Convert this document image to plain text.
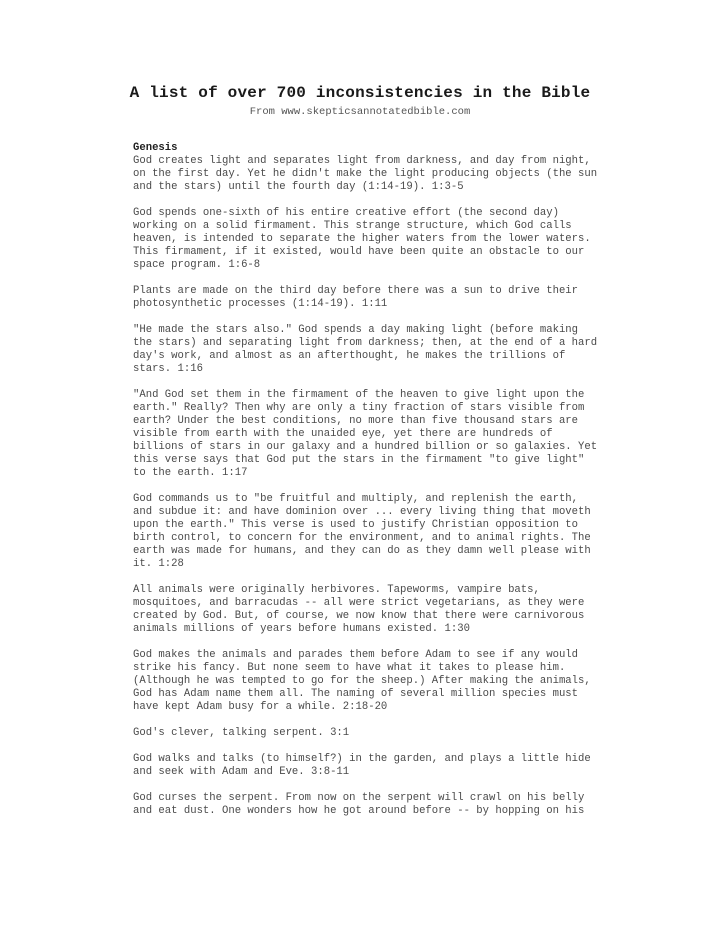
A list of over 700 inconsistencies in the Bible
From www.skepticsannotatedbible.com

Genesis

God creates light and separates light from darkness, and day from night, on the first day. Yet he didn't make the light producing objects (the sun and the stars) until the fourth day (1:14-19). 1:3-5

God spends one-sixth of his entire creative effort (the second day) working on a solid firmament. This strange structure, which God calls heaven, is intended to separate the higher waters from the lower waters. This firmament, if it existed, would have been quite an obstacle to our space program. 1:6-8

Plants are made on the third day before there was a sun to drive their photosynthetic processes (1:14-19). 1:11

"He made the stars also." God spends a day making light (before making the stars) and separating light from darkness; then, at the end of a hard day's work, and almost as an afterthought, he makes the trillions of stars. 1:16

"And God set them in the firmament of the heaven to give light upon the earth." Really? Then why are only a tiny fraction of stars visible from earth? Under the best conditions, no more than five thousand stars are visible from earth with the unaided eye, yet there are hundreds of billions of stars in our galaxy and a hundred billion or so galaxies. Yet this verse says that God put the stars in the firmament "to give light" to the earth. 1:17

God commands us to "be fruitful and multiply, and replenish the earth, and subdue it: and have dominion over ... every living thing that moveth upon the earth." This verse is used to justify Christian opposition to birth control, to concern for the environment, and to animal rights. The earth was made for humans, and they can do as they damn well please with it. 1:28

All animals were originally herbivores. Tapeworms, vampire bats, mosquitoes, and barracudas -- all were strict vegetarians, as they were created by God. But, of course, we now know that there were carnivorous animals millions of years before humans existed. 1:30

God makes the animals and parades them before Adam to see if any would strike his fancy. But none seem to have what it takes to please him. (Although he was tempted to go for the sheep.) After making the animals, God has Adam name them all. The naming of several million species must have kept Adam busy for a while. 2:18-20

God's clever, talking serpent. 3:1

God walks and talks (to himself?) in the garden, and plays a little hide and seek with Adam and Eve. 3:8-11

God curses the serpent. From now on the serpent will crawl on his belly and eat dust. One wonders how he got around before -- by hopping on his
